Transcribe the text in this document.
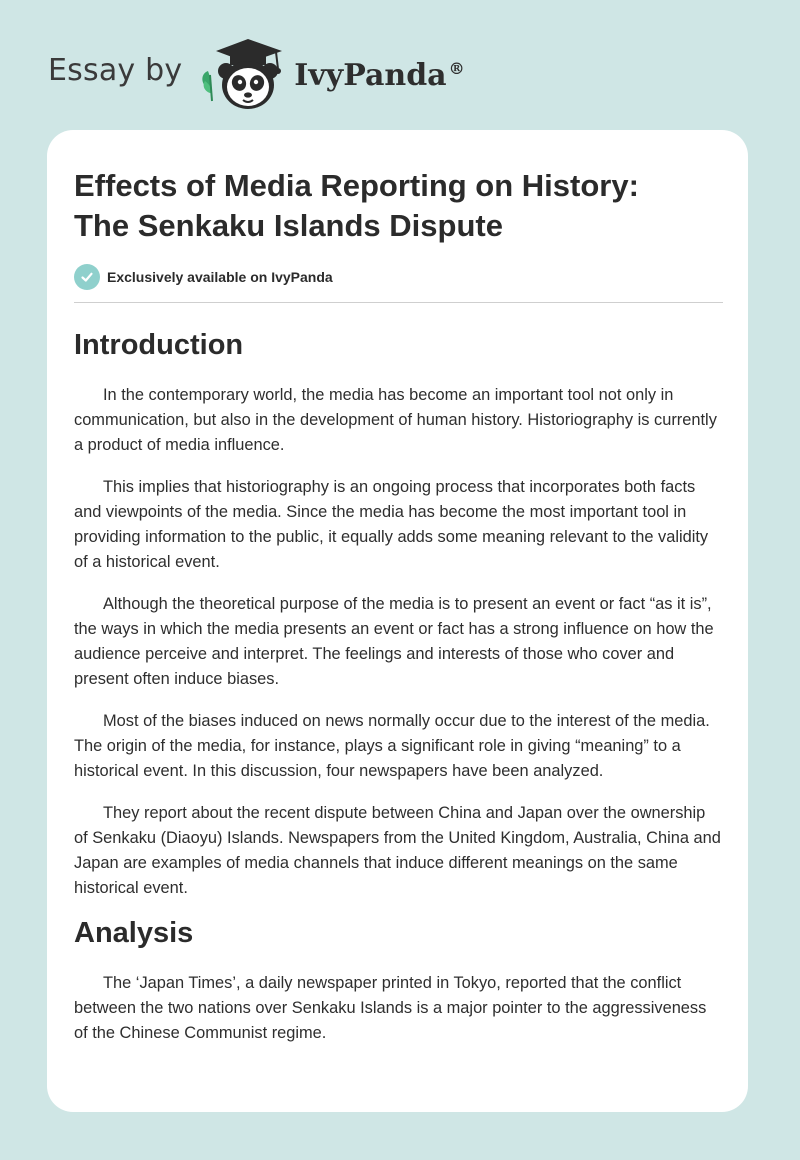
Essay by	IvyPanda ®
Effects of Media Reporting on History:
The Senkaku Islands Dispute
Exclusively available on IvyPanda
Introduction

In the contemporary world, the media has become an important tool not only in communication, but also in the development of human history. Historiography is currently a product of media influence.

This implies that historiography is an ongoing process that incorporates both facts and viewpoints of the media. Since the media has become the most important tool in providing information to the public, it equally adds some meaning relevant to the validity of a historical event.

Although the theoretical purpose of the media is to present an event or fact “as it is”, the ways in which the media presents an event or fact has a strong influence on how the audience perceive and interpret. The feelings and interests of those who cover and present often induce biases.

Most of the biases induced on news normally occur due to the interest of the media. The origin of the media, for instance, plays a significant role in giving “meaning” to a historical event. In this discussion, four newspapers have been analyzed.

They report about the recent dispute between China and Japan over the ownership of Senkaku (Diaoyu) Islands. Newspapers from the United Kingdom, Australia, China and Japan are examples of media channels that induce different meanings on the same historical event.

Analysis

The ‘Japan Times’, a daily newspaper printed in Tokyo, reported that the conflict between the two nations over Senkaku Islands is a major pointer to the aggressiveness of the Chinese Communist regime.
